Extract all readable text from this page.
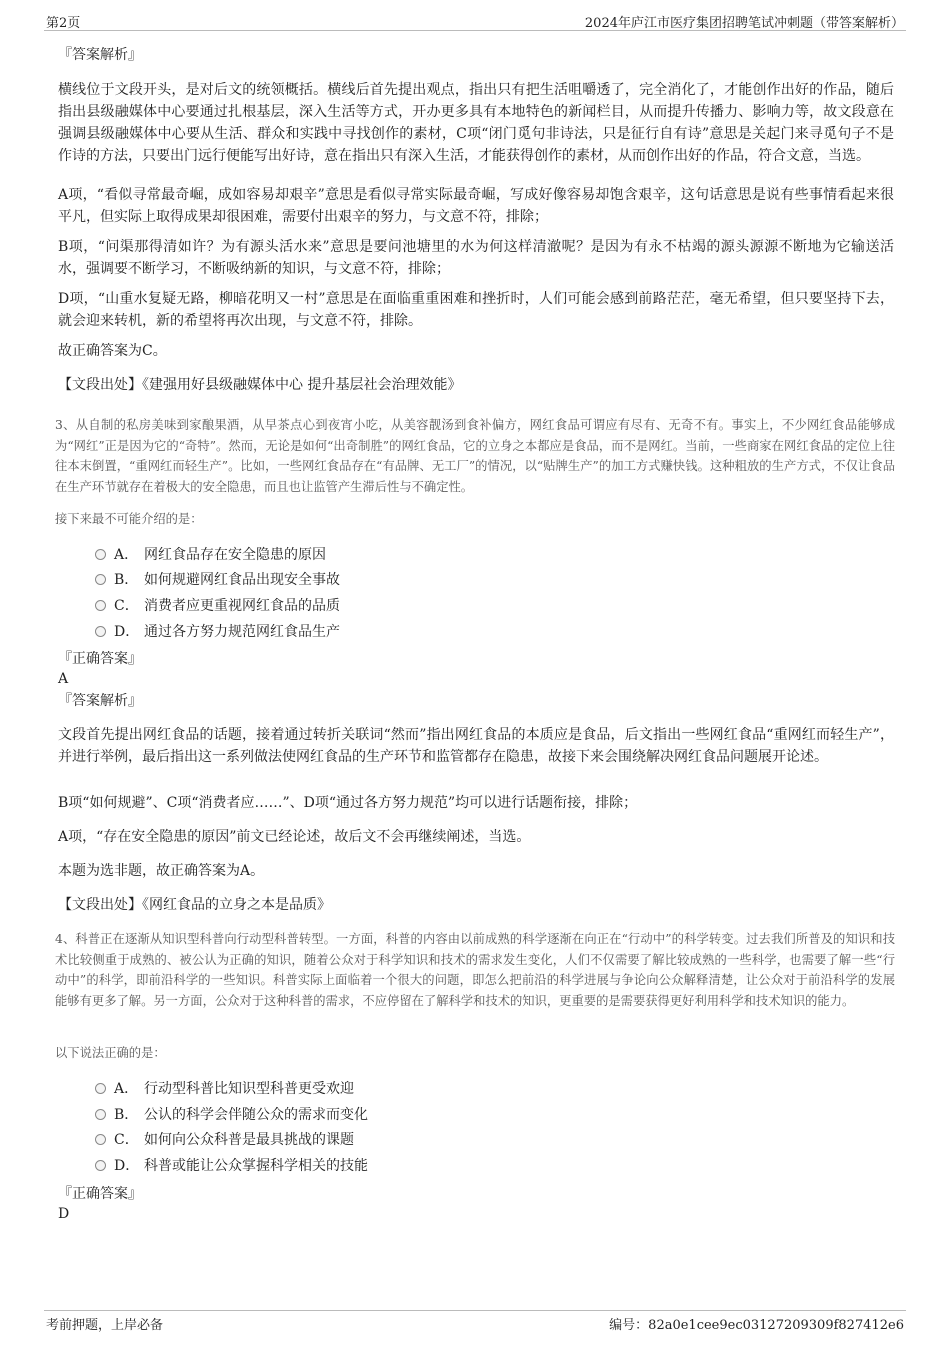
第2页	2024年庐江市医疗集团招聘笔试冲刺题（带答案解析）

『答案解析』

横线位于文段开头，是对后文的统领概括。横线后首先提出观点，指出只有把生活咀嚼透了，完全消化了，才能创作出好的作品，随后指出县级融媒体中心要通过扎根基层，深入生活等方式，开办更多具有本地特色的新闻栏目，从而提升传播力、影响力等，故文段意在强调县级融媒体中心要从生活、群众和实践中寻找创作的素材，C项“闭门觅句非诗法，只是征行自有诗”意思是关起门来寻觅句子不是作诗的方法，只要出门远行便能写出好诗，意在指出只有深入生活，才能获得创作的素材，从而创作出好的作品，符合文意，当选。

A项，“看似寻常最奇崛，成如容易却艰辛”意思是看似寻常实际最奇崛，写成好像容易却饱含艰辛，这句话意思是说有些事情看起来很平凡，但实际上取得成果却很困难，需要付出艰辛的努力，与文意不符，排除；

B项，“问渠那得清如许？为有源头活水来”意思是要问池塘里的水为何这样清澈呢？是因为有永不枯竭的源头源源不断地为它输送活水，强调要不断学习，不断吸纳新的知识，与文意不符，排除；

D项，“山重水复疑无路，柳暗花明又一村”意思是在面临重重困难和挫折时，人们可能会感到前路茫茫，毫无希望，但只要坚持下去，就会迎来转机，新的希望将再次出现，与文意不符，排除。

故正确答案为C。

【文段出处】《建强用好县级融媒体中心 提升基层社会治理效能》

3、从自制的私房美味到家酿果酒，从早茶点心到夜宵小吃，从美容靓汤到食补偏方，网红食品可谓应有尽有、无奇不有。事实上，不少网红食品能够成为“网红”正是因为它的“奇特”。然而，无论是如何“出奇制胜”的网红食品，它的立身之本都应是食品，而不是网红。当前，一些商家在网红食品的定位上往往本末倒置，“重网红而轻生产”。比如，一些网红食品存在“有品牌、无工厂”的情况，以“贴牌生产”的加工方式赚快钱。这种粗放的生产方式，不仅让食品在生产环节就存在着极大的安全隐患，而且也让监管产生滞后性与不确定性。

接下来最不可能介绍的是：

A． 网红食品存在安全隐患的原因
B． 如何规避网红食品出现安全事故
C． 消费者应更重视网红食品的品质
D． 通过各方努力规范网红食品生产

『正确答案』

A

『答案解析』

文段首先提出网红食品的话题，接着通过转折关联词“然而”指出网红食品的本质应是食品，后文指出一些网红食品“重网红而轻生产”，并进行举例，最后指出这一系列做法使网红食品的生产环节和监管都存在隐患，故接下来会围绕解决网红食品问题展开论述。

B项“如何规避”、C项“消费者应……”、D项“通过各方努力规范”均可以进行话题衔接，排除；

A项，“存在安全隐患的原因”前文已经论述，故后文不会再继续阐述，当选。

本题为选非题，故正确答案为A。

【文段出处】《网红食品的立身之本是品质》

4、科普正在逐渐从知识型科普向行动型科普转型。一方面，科普的内容由以前成熟的科学逐渐在向正在“行动中”的科学转变。过去我们所普及的知识和技术比较侧重于成熟的、被公认为正确的知识，随着公众对于科学知识和技术的需求发生变化，人们不仅需要了解比较成熟的一些科学，也需要了解一些“行动中”的科学，即前沿科学的一些知识。科普实际上面临着一个很大的问题，即怎么把前沿的科学进展与争论向公众解释清楚，让公众对于前沿科学的发展能够有更多了解。另一方面，公众对于这种科普的需求，不应停留在了解科学和技术的知识，更重要的是需要获得更好利用科学和技术知识的能力。

以下说法正确的是：

A． 行动型科普比知识型科普更受欢迎
B． 公认的科学会伴随公众的需求而变化
C． 如何向公众科普是最具挑战的课题
D． 科普或能让公众掌握科学相关的技能

『正确答案』

D

考前押题，上岸必备	编号：82a0e1cee9ec03127209309f827412e6
